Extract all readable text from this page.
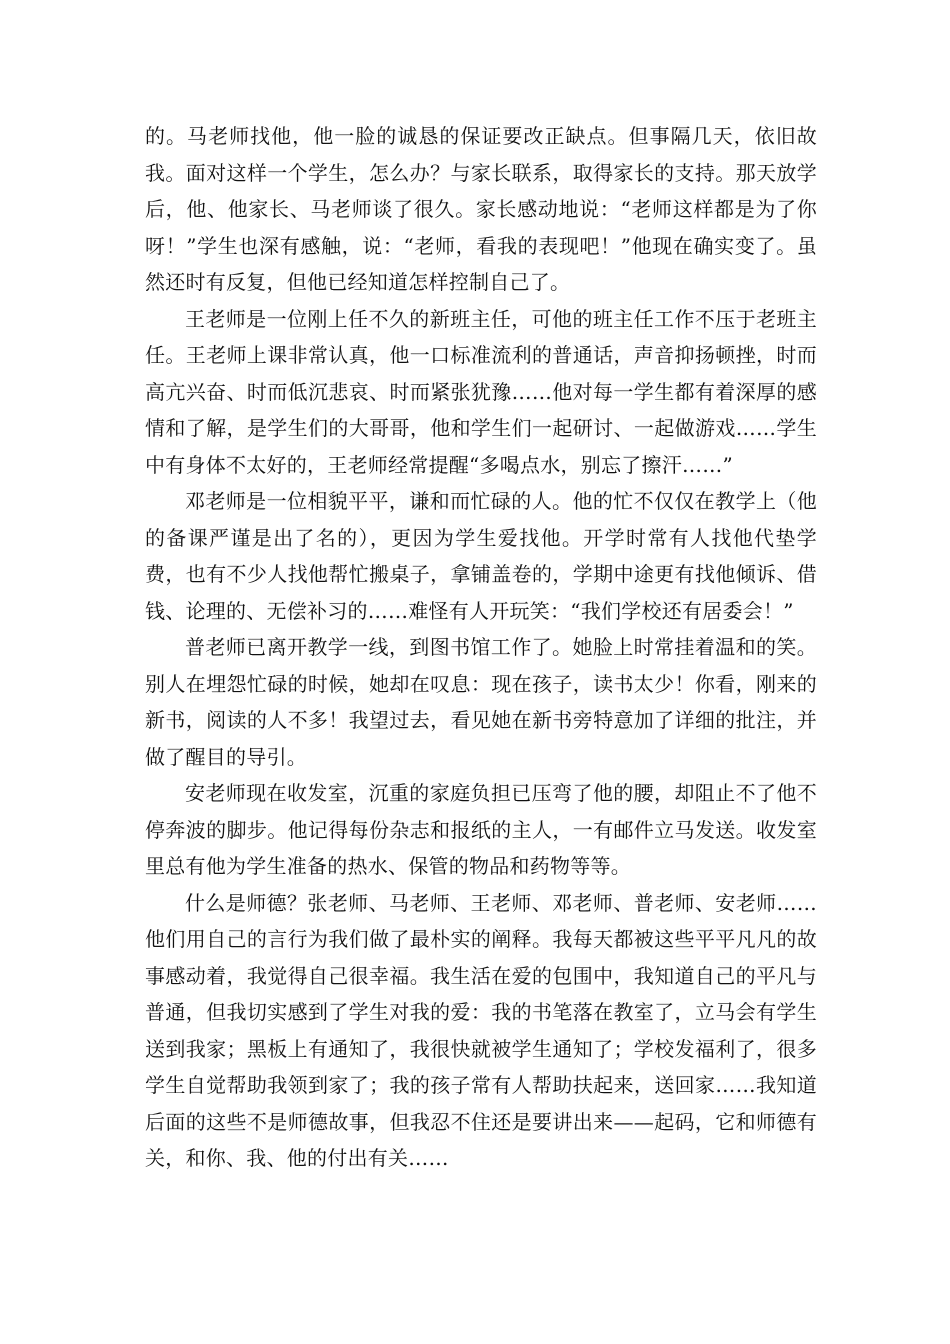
的。马老师找他，他一脸的诚恳的保证要改正缺点。但事隔几天，依旧故我。面对这样一个学生，怎么办？与家长联系，取得家长的支持。那天放学后，他、他家长、马老师谈了很久。家长感动地说：“老师这样都是为了你呀！”学生也深有感触，说：“老师，看我的表现吧！”他现在确实变了。虽然还时有反复，但他已经知道怎样控制自己了。

王老师是一位刚上任不久的新班主任，可他的班主任工作不压于老班主任。王老师上课非常认真，他一口标准流利的普通话，声音抑扬顿挫，时而高亢兴奋、时而低沉悲哀、时而紧张犹豫……他对每一学生都有着深厚的感情和了解，是学生们的大哥哥，他和学生们一起研讨、一起做游戏……学生中有身体不太好的，王老师经常提醒“多喝点水，别忘了擦汗……”

邓老师是一位相貌平平，谦和而忙碌的人。他的忙不仅仅在教学上（他的备课严谨是出了名的），更因为学生爱找他。开学时常有人找他代垫学费，也有不少人找他帮忙搬桌子，拿铺盖卷的，学期中途更有找他倾诉、借钱、论理的、无偿补习的……难怪有人开玩笑：“我们学校还有居委会！”

普老师已离开教学一线，到图书馆工作了。她脸上时常挂着温和的笑。别人在埋怨忙碌的时候，她却在叹息：现在孩子，读书太少！你看，刚来的新书，阅读的人不多！我望过去，看见她在新书旁特意加了详细的批注，并做了醒目的导引。

安老师现在收发室，沉重的家庭负担已压弯了他的腰，却阻止不了他不停奔波的脚步。他记得每份杂志和报纸的主人，一有邮件立马发送。收发室里总有他为学生准备的热水、保管的物品和药物等等。

什么是师德？张老师、马老师、王老师、邓老师、普老师、安老师……他们用自己的言行为我们做了最朴实的阐释。我每天都被这些平平凡凡的故事感动着，我觉得自己很幸福。我生活在爱的包围中，我知道自己的平凡与普通，但我切实感到了学生对我的爱：我的书笔落在教室了，立马会有学生送到我家；黑板上有通知了，我很快就被学生通知了；学校发福利了，很多学生自觉帮助我领到家了；我的孩子常有人帮助扶起来，送回家……我知道后面的这些不是师德故事，但我忍不住还是要讲出来——起码，它和师德有关，和你、我、他的付出有关……
